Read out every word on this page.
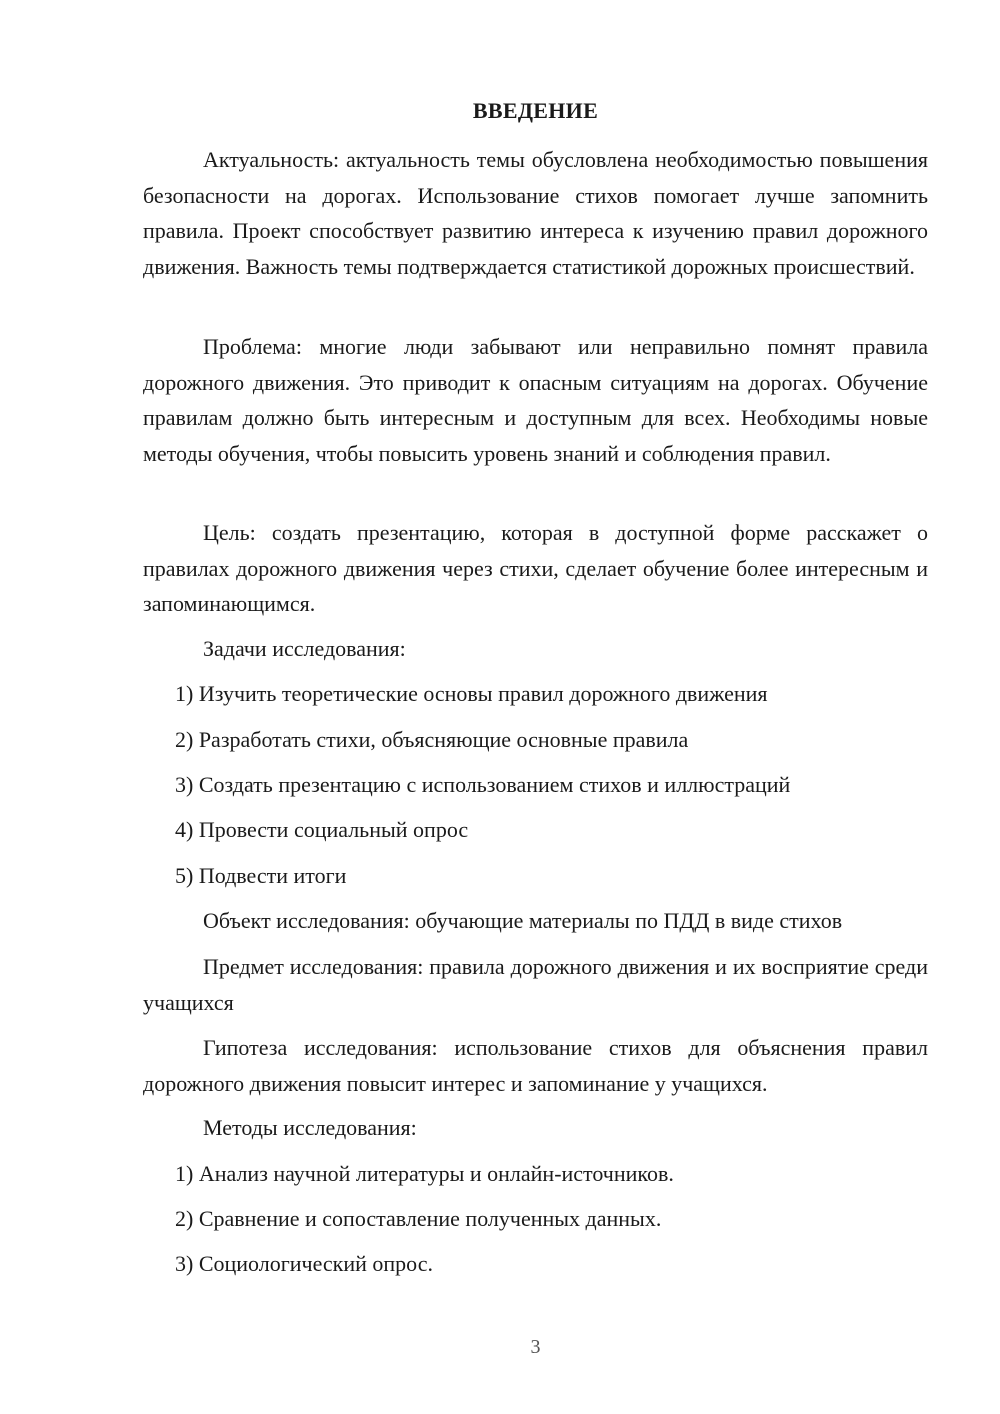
ВВЕДЕНИЕ

Актуальность: актуальность темы обусловлена необходимостью повышения безопасности на дорогах. Использование стихов помогает лучше запомнить правила. Проект способствует развитию интереса к изучению правил дорожного движения. Важность темы подтверждается статистикой дорожных происшествий.

Проблема: многие люди забывают или неправильно помнят правила дорожного движения. Это приводит к опасным ситуациям на дорогах. Обучение правилам должно быть интересным и доступным для всех. Необходимы новые методы обучения, чтобы повысить уровень знаний и соблюдения правил.

Цель: создать презентацию, которая в доступной форме расскажет о правилах дорожного движения через стихи, сделает обучение более интересным и запоминающимся.

Задачи исследования:

1) Изучить теоретические основы правил дорожного движения

2) Разработать стихи, объясняющие основные правила

3) Создать презентацию с использованием стихов и иллюстраций

4) Провести социальный опрос

5) Подвести итоги

Объект исследования: обучающие материалы по ПДД в виде стихов

Предмет исследования: правила дорожного движения и их восприятие среди учащихся

Гипотеза исследования: использование стихов для объяснения правил дорожного движения повысит интерес и запоминание у учащихся.

Методы исследования:

1) Анализ научной литературы и онлайн-источников.

2) Сравнение и сопоставление полученных данных.

3) Социологический опрос.

3
